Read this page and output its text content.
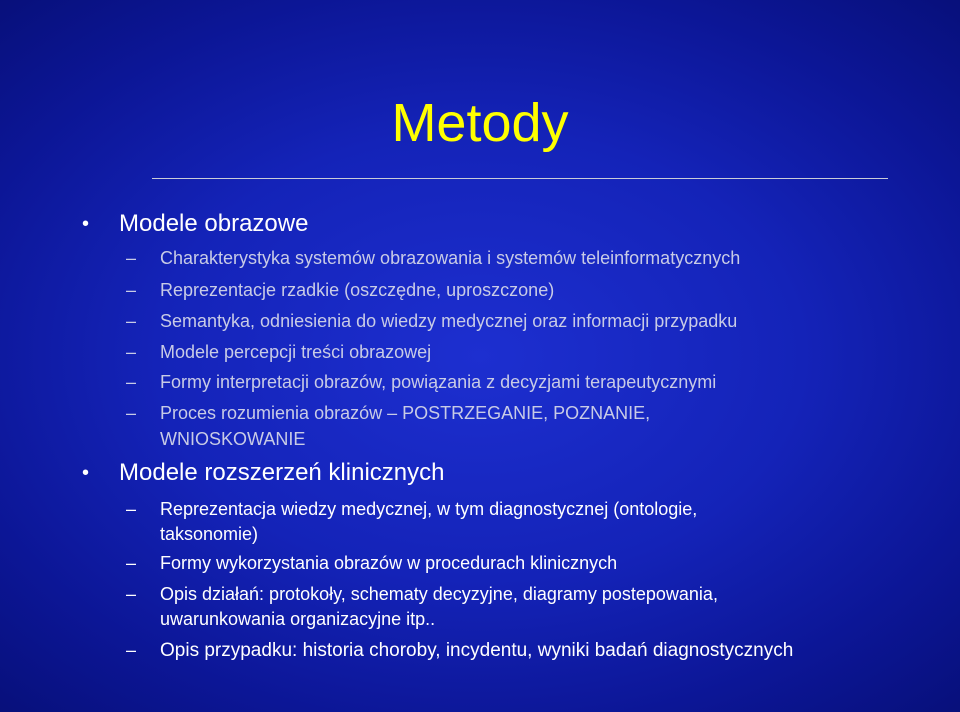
Metody
• Modele obrazowe
– Charakterystyka systemów obrazowania i systemów teleinformatycznych
– Reprezentacje rzadkie (oszczędne, uproszczone)
– Semantyka, odniesienia do wiedzy medycznej oraz informacji przypadku
– Modele percepcji treści obrazowej
– Formy interpretacji obrazów, powiązania z decyzjami terapeutycznymi
– Proces rozumienia obrazów – POSTRZEGANIE, POZNANIE,
WNIOSKOWANIE
• Modele rozszerzeń klinicznych
– Reprezentacja wiedzy medycznej, w tym diagnostycznej (ontologie,
taksonomie)
– Formy wykorzystania obrazów w procedurach klinicznych
– Opis działań: protokoły, schematy decyzyjne, diagramy postepowania,
uwarunkowania organizacyjne itp..
– Opis przypadku: historia choroby, incydentu, wyniki badań diagnostycznych
